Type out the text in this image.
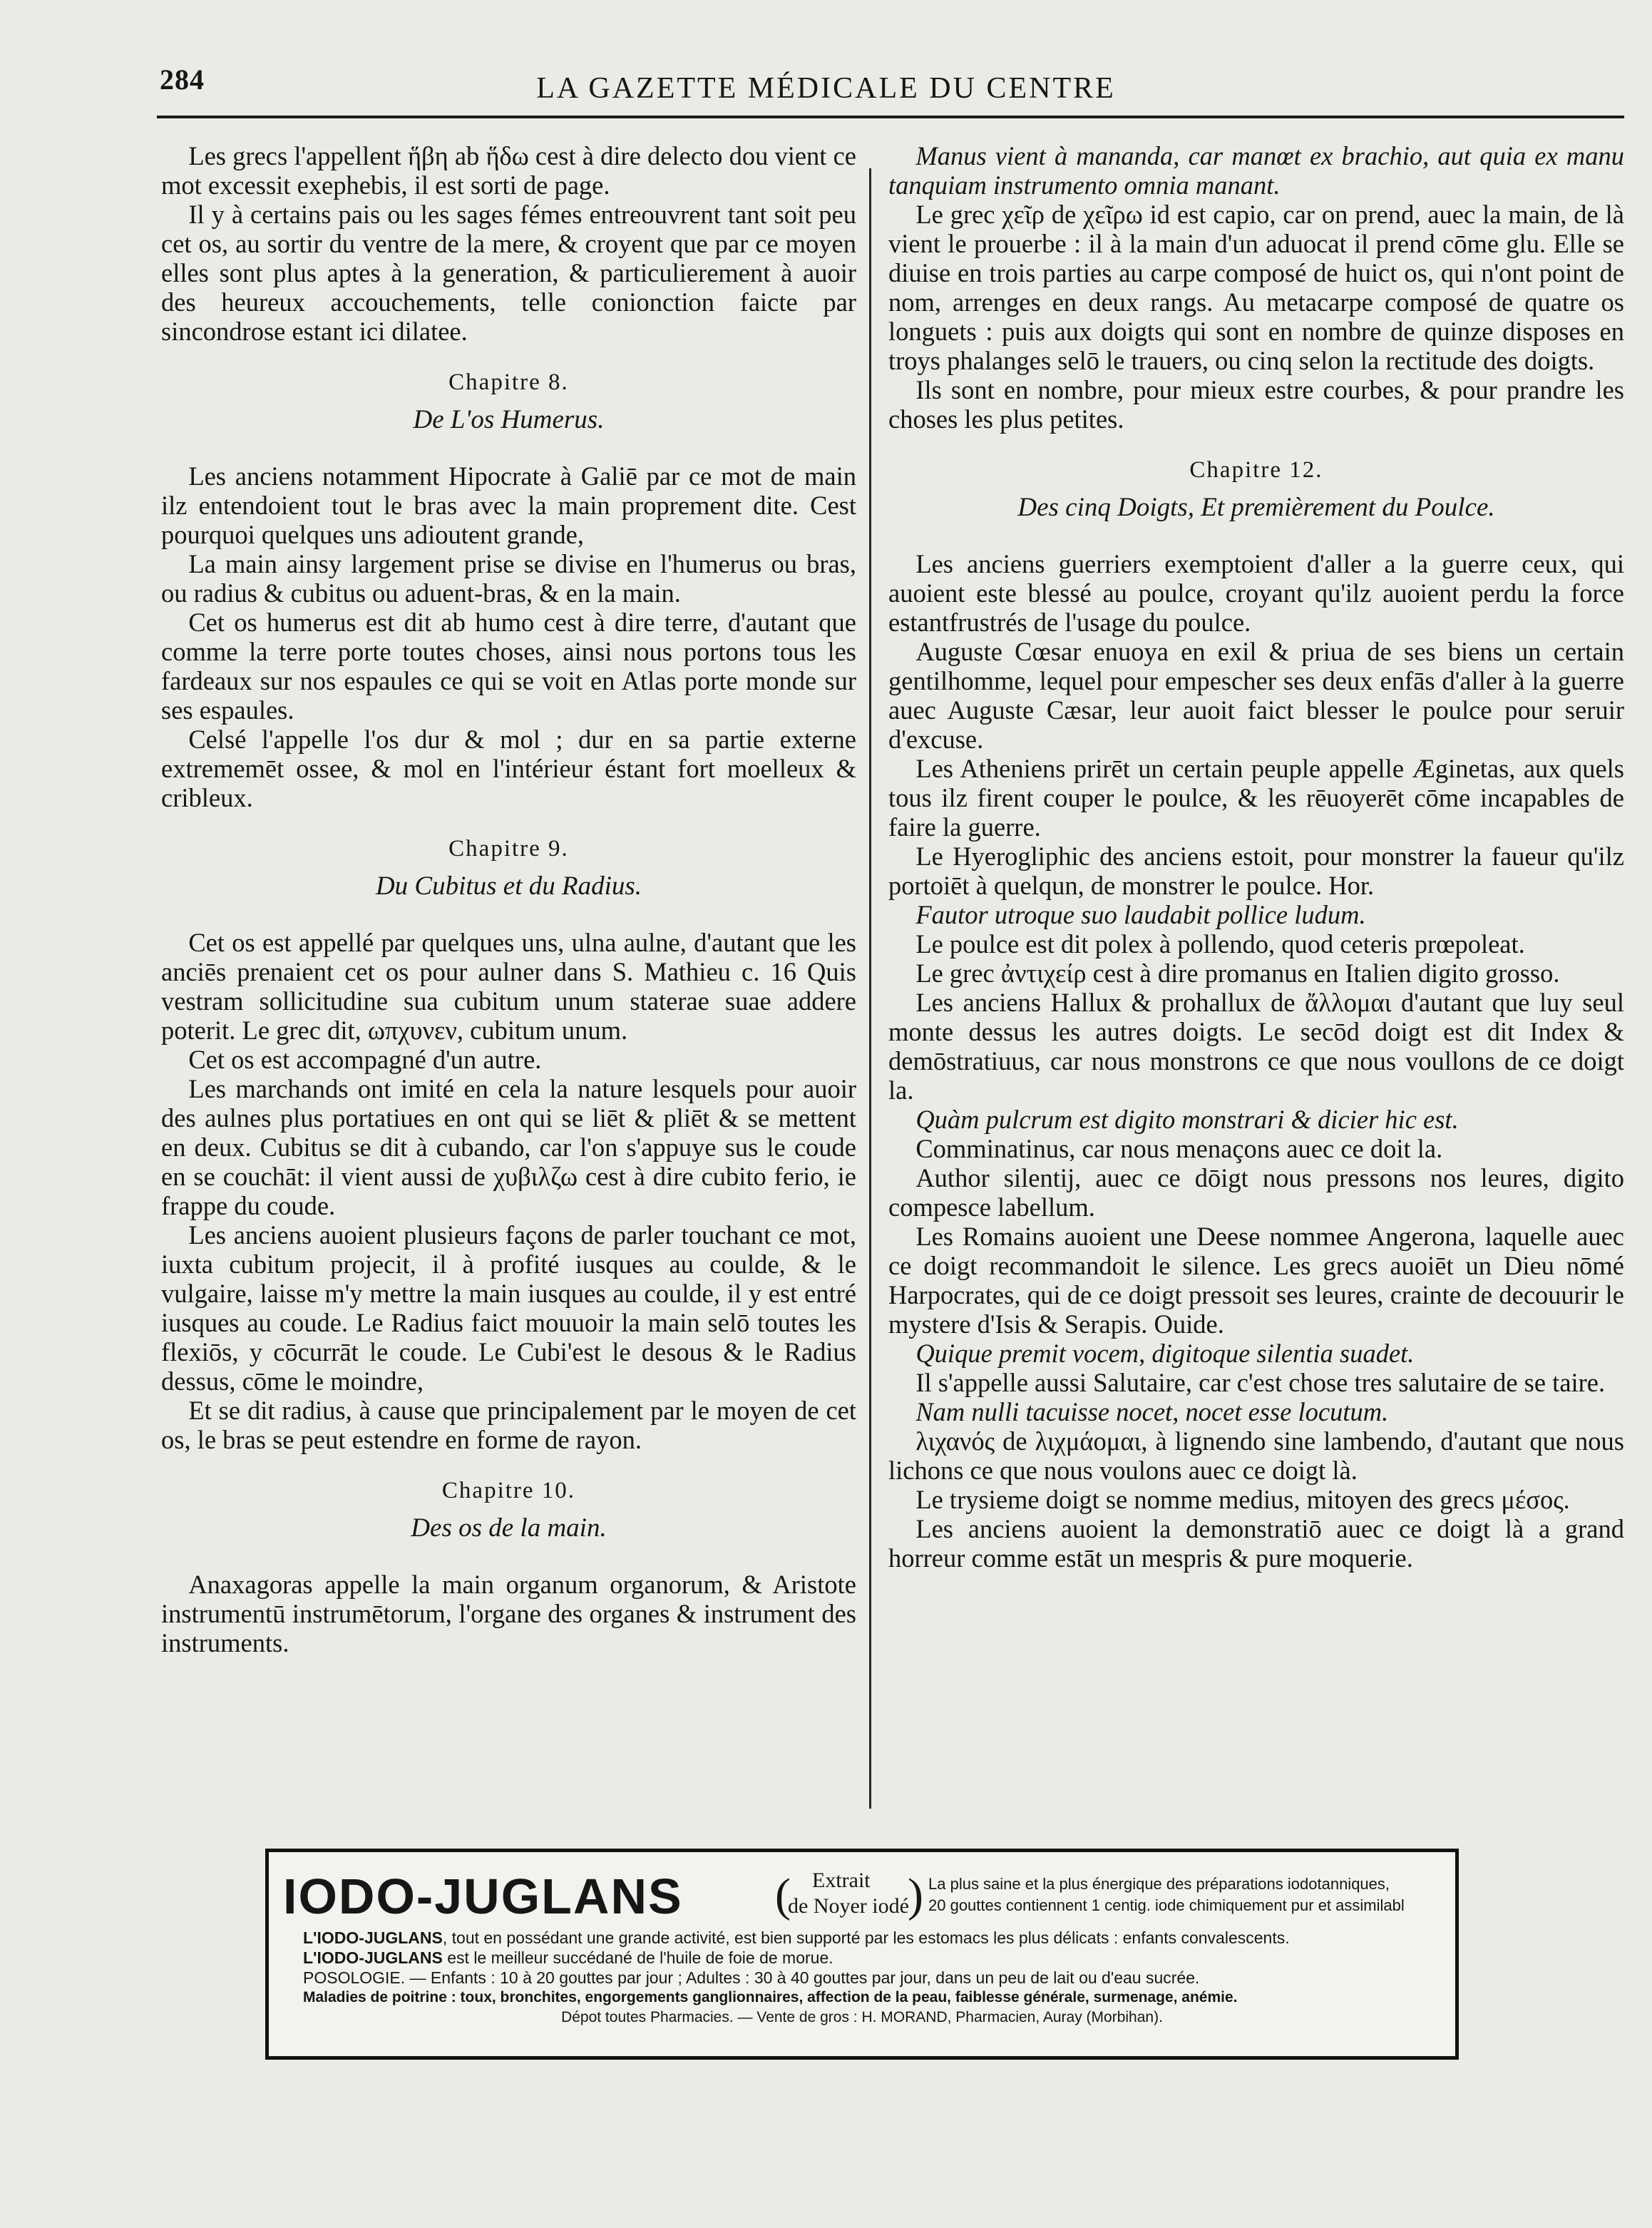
284	LA GAZETTE MÉDICALE DU CENTRE

Les grecs l'appellent ἥβη ab ἥδω cest à dire delecto dou vient ce mot excessit exephebis, il est sorti de page.

Il y à certains pais ou les sages fémes entreouvrent tant soit peu cet os, au sortir du ventre de la mere, & croyent que par ce moyen elles sont plus aptes à la generation, & particulierement à auoir des heureux accouchements, telle conionction faicte par sincondrose estant ici dilatee.

Chapitre 8.
De L'os Humerus.

Les anciens notamment Hipocrate à Galiē par ce mot de main ilz entendoient tout le bras avec la main proprement dite. Cest pourquoi quelques uns adioutent grande,

La main ainsy largement prise se divise en l'humerus ou bras, ou radius & cubitus ou aduent-bras, & en la main.

Cet os humerus est dit ab humo cest à dire terre, d'autant que comme la terre porte toutes choses, ainsi nous portons tous les fardeaux sur nos espaules ce qui se voit en Atlas porte monde sur ses espaules.

Celsé l'appelle l'os dur & mol ; dur en sa partie externe extrememēt ossee, & mol en l'intérieur éstant fort moelleux & cribleux.

Chapitre 9.
Du Cubitus et du Radius.

Cet os est appellé par quelques uns, ulna aulne, d'autant que les anciēs prenaient cet os pour aulner dans S. Mathieu c. 16 Quis vestram sollicitudine sua cubitum unum staterae suae addere poterit. Le grec dit, ωπχυνεν, cubitum unum.

Cet os est accompagné d'un autre.

Les marchands ont imité en cela la nature lesquels pour auoir des aulnes plus portatiues en ont qui se liēt & pliēt & se mettent en deux. Cubitus se dit à cubando, car l'on s'appuye sus le coude en se couchāt: il vient aussi de χυβιλζω cest à dire cubito ferio, ie frappe du coude.

Les anciens auoient plusieurs façons de parler touchant ce mot, iuxta cubitum projecit, il à profité iusques au coulde, & le vulgaire, laisse m'y mettre la main iusques au coulde, il y est entré iusques au coude. Le Radius faict mouuoir la main selō toutes les flexiōs, y cōcurrāt le coude. Le Cubi'est le desous & le Radius dessus, cōme le moindre,

Et se dit radius, à cause que principalement par le moyen de cet os, le bras se peut estendre en forme de rayon.

Chapitre 10.
Des os de la main.

Anaxagoras appelle la main organum organorum, & Aristote instrumentū instrumētorum, l'organe des organes & instrument des instruments.

Manus vient à mananda, car manœt ex brachio, aut quia ex manu tanquiam instrumento omnia manant.

Le grec χεῖρ de χεῖρω id est capio, car on prend, auec la main, de là vient le prouerbe : il à la main d'un aduocat il prend cōme glu. Elle se diuise en trois parties au carpe composé de huict os, qui n'ont point de nom, arrenges en deux rangs. Au metacarpe composé de quatre os longuets : puis aux doigts qui sont en nombre de quinze disposes en troys phalanges selō le trauers, ou cinq selon la rectitude des doigts.

Ils sont en nombre, pour mieux estre courbes, & pour prandre les choses les plus petites.

Chapitre 12.
Des cinq Doigts, Et premièrement du Poulce.

Les anciens guerriers exemptoient d'aller a la guerre ceux, qui auoient este blessé au poulce, croyant qu'ilz auoient perdu la force estantfrustrés de l'usage du poulce.

Auguste Cœsar enuoya en exil & priua de ses biens un certain gentilhomme, lequel pour empescher ses deux enfās d'aller à la guerre auec Auguste Cæsar, leur auoit faict blesser le poulce pour seruir d'excuse.

Les Atheniens prirēt un certain peuple appelle Æginetas, aux quels tous ilz firent couper le poulce, & les rēuoyerēt cōme incapables de faire la guerre.

Le Hyerogliphic des anciens estoit, pour monstrer la faueur qu'ilz portoiēt à quelqun, de monstrer le poulce. Hor.

Fautor utroque suo laudabit pollice ludum.

Le poulce est dit polex à pollendo, quod ceteris prœpoleat.

Le grec ἀντιχείρ cest à dire promanus en Italien digito grosso.

Les anciens Hallux & prohallux de ἄλλομαι d'autant que luy seul monte dessus les autres doigts. Le secōd doigt est dit Index & demōstratiuus, car nous monstrons ce que nous voullons de ce doigt la.

Quàm pulcrum est digito monstrari & dicier hic est.

Comminatinus, car nous menaçons auec ce doit la.

Author silentij, auec ce dōigt nous pressons nos leures, digito compesce labellum.

Les Romains auoient une Deese nommee Angerona, laquelle auec ce doigt recommandoit le silence. Les grecs auoiēt un Dieu nōmé Harpocrates, qui de ce doigt pressoit ses leures, crainte de decouurir le mystere d'Isis & Serapis. Ouide.

Quique premit vocem, digitoque silentia suadet.

Il s'appelle aussi Salutaire, car c'est chose tres salutaire de se taire.

Nam nulli tacuisse nocet, nocet esse locutum.

λιχανός de λιχμάομαι, à lignendo sine lambendo, d'autant que nous lichons ce que nous voulons auec ce doigt là.

Le trysieme doigt se nomme medius, mitoyen des grecs μέσος.

Les anciens auoient la demonstratiō auec ce doigt là a grand horreur comme estāt un mespris & pure moquerie.

IODO-JUGLANS ( Extrait
de Noyer iodé
) La plus saine et la plus énergique des préparations iodotanniques,
20 gouttes contiennent 1 centig. iode chimiquement pur et assimilabl
L'IODO-JUGLANS, tout en possédant une grande activité, est bien supporté par les estomacs les plus délicats : enfants convalescents.
L'IODO-JUGLANS est le meilleur succédané de l'huile de foie de morue.
POSOLOGIE. — Enfants : 10 à 20 gouttes par jour ; Adultes : 30 à 40 gouttes par jour, dans un peu de lait ou d'eau sucrée.
Maladies de poitrine : toux, bronchites, engorgements ganglionnaires, affection de la peau, faiblesse générale, surmenage, anémie.
Dépot toutes Pharmacies. — Vente de gros : H. MORAND, Pharmacien, Auray (Morbihan).
